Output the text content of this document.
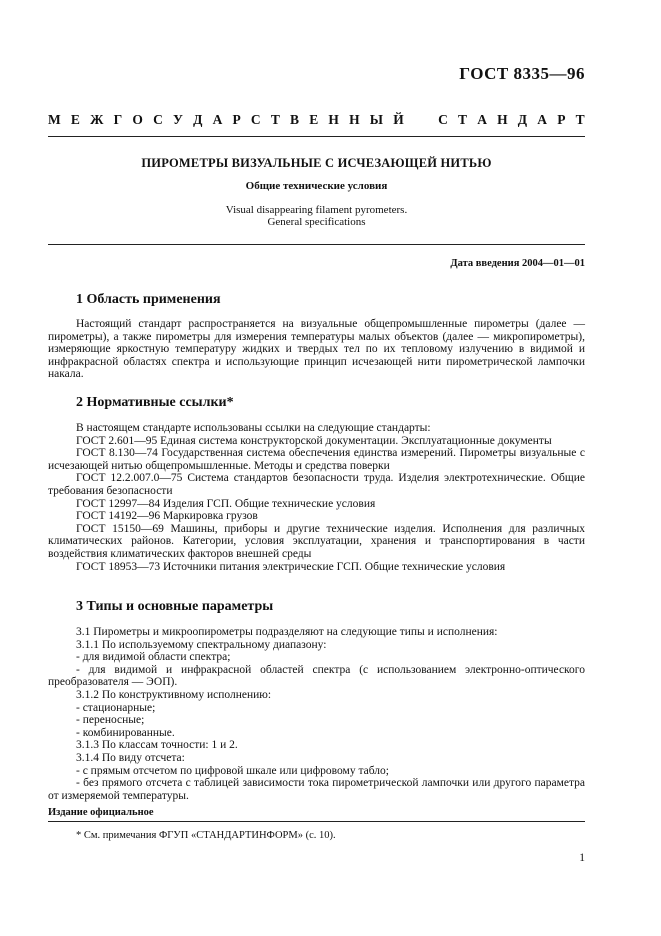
ГОСТ 8335—96
М Е Ж Г О С У Д А Р С Т В Е Н Н Ы Й	С Т А Н Д А Р Т
ПИРОМЕТРЫ ВИЗУАЛЬНЫЕ С ИСЧЕЗАЮЩЕЙ НИТЬЮ
Общие технические условия
Visual disappearing filament pyrometers.
General specifications
Дата введения 2004—01—01
1 Область применения

Настоящий стандарт распространяется на визуальные общепромышленные пирометры (далее — пирометры), а также пирометры для измерения температуры малых объектов (далее — микропирометры), измеряющие яркостную температуру жидких и твердых тел по их тепловому излучению в видимой и инфракрасной областях спектра и использующие принцип исчезающей нити пирометрической лампочки накала.

2 Нормативные ссылки*

В настоящем стандарте использованы ссылки на следующие стандарты:

ГОСТ 2.601—95 Единая система конструкторской документации. Эксплуатационные документы

ГОСТ 8.130—74 Государственная система обеспечения единства измерений. Пирометры визуальные с исчезающей нитью общепромышленные. Методы и средства поверки

ГОСТ 12.2.007.0—75 Система стандартов безопасности труда. Изделия электротехнические. Общие требования безопасности

ГОСТ 12997—84 Изделия ГСП. Общие технические условия

ГОСТ 14192—96 Маркировка грузов

ГОСТ 15150—69 Машины, приборы и другие технические изделия. Исполнения для различных климатических районов. Категории, условия эксплуатации, хранения и транспортирования в части воздействия климатических факторов внешней среды

ГОСТ 18953—73 Источники питания электрические ГСП. Общие технические условия

3 Типы и основные параметры

3.1 Пирометры и микроопирометры подразделяют на следующие типы и исполнения:

3.1.1 По используемому спектральному диапазону:

- для видимой области спектра;

- для видимой и инфракрасной областей спектра (с использованием электронно-оптического преобразователя — ЭОП).

3.1.2 По конструктивному исполнению:

- стационарные;

- переносные;

- комбинированные.

3.1.3 По классам точности: 1 и 2.

3.1.4 По виду отсчета:

- с прямым отсчетом по цифровой шкале или цифровому табло;

- без прямого отсчета с таблицей зависимости тока пирометрической лампочки или другого параметра от измеряемой температуры.

Издание официальное
* См. примечания ФГУП «СТАНДАРТИНФОРМ» (с. 10).
1
